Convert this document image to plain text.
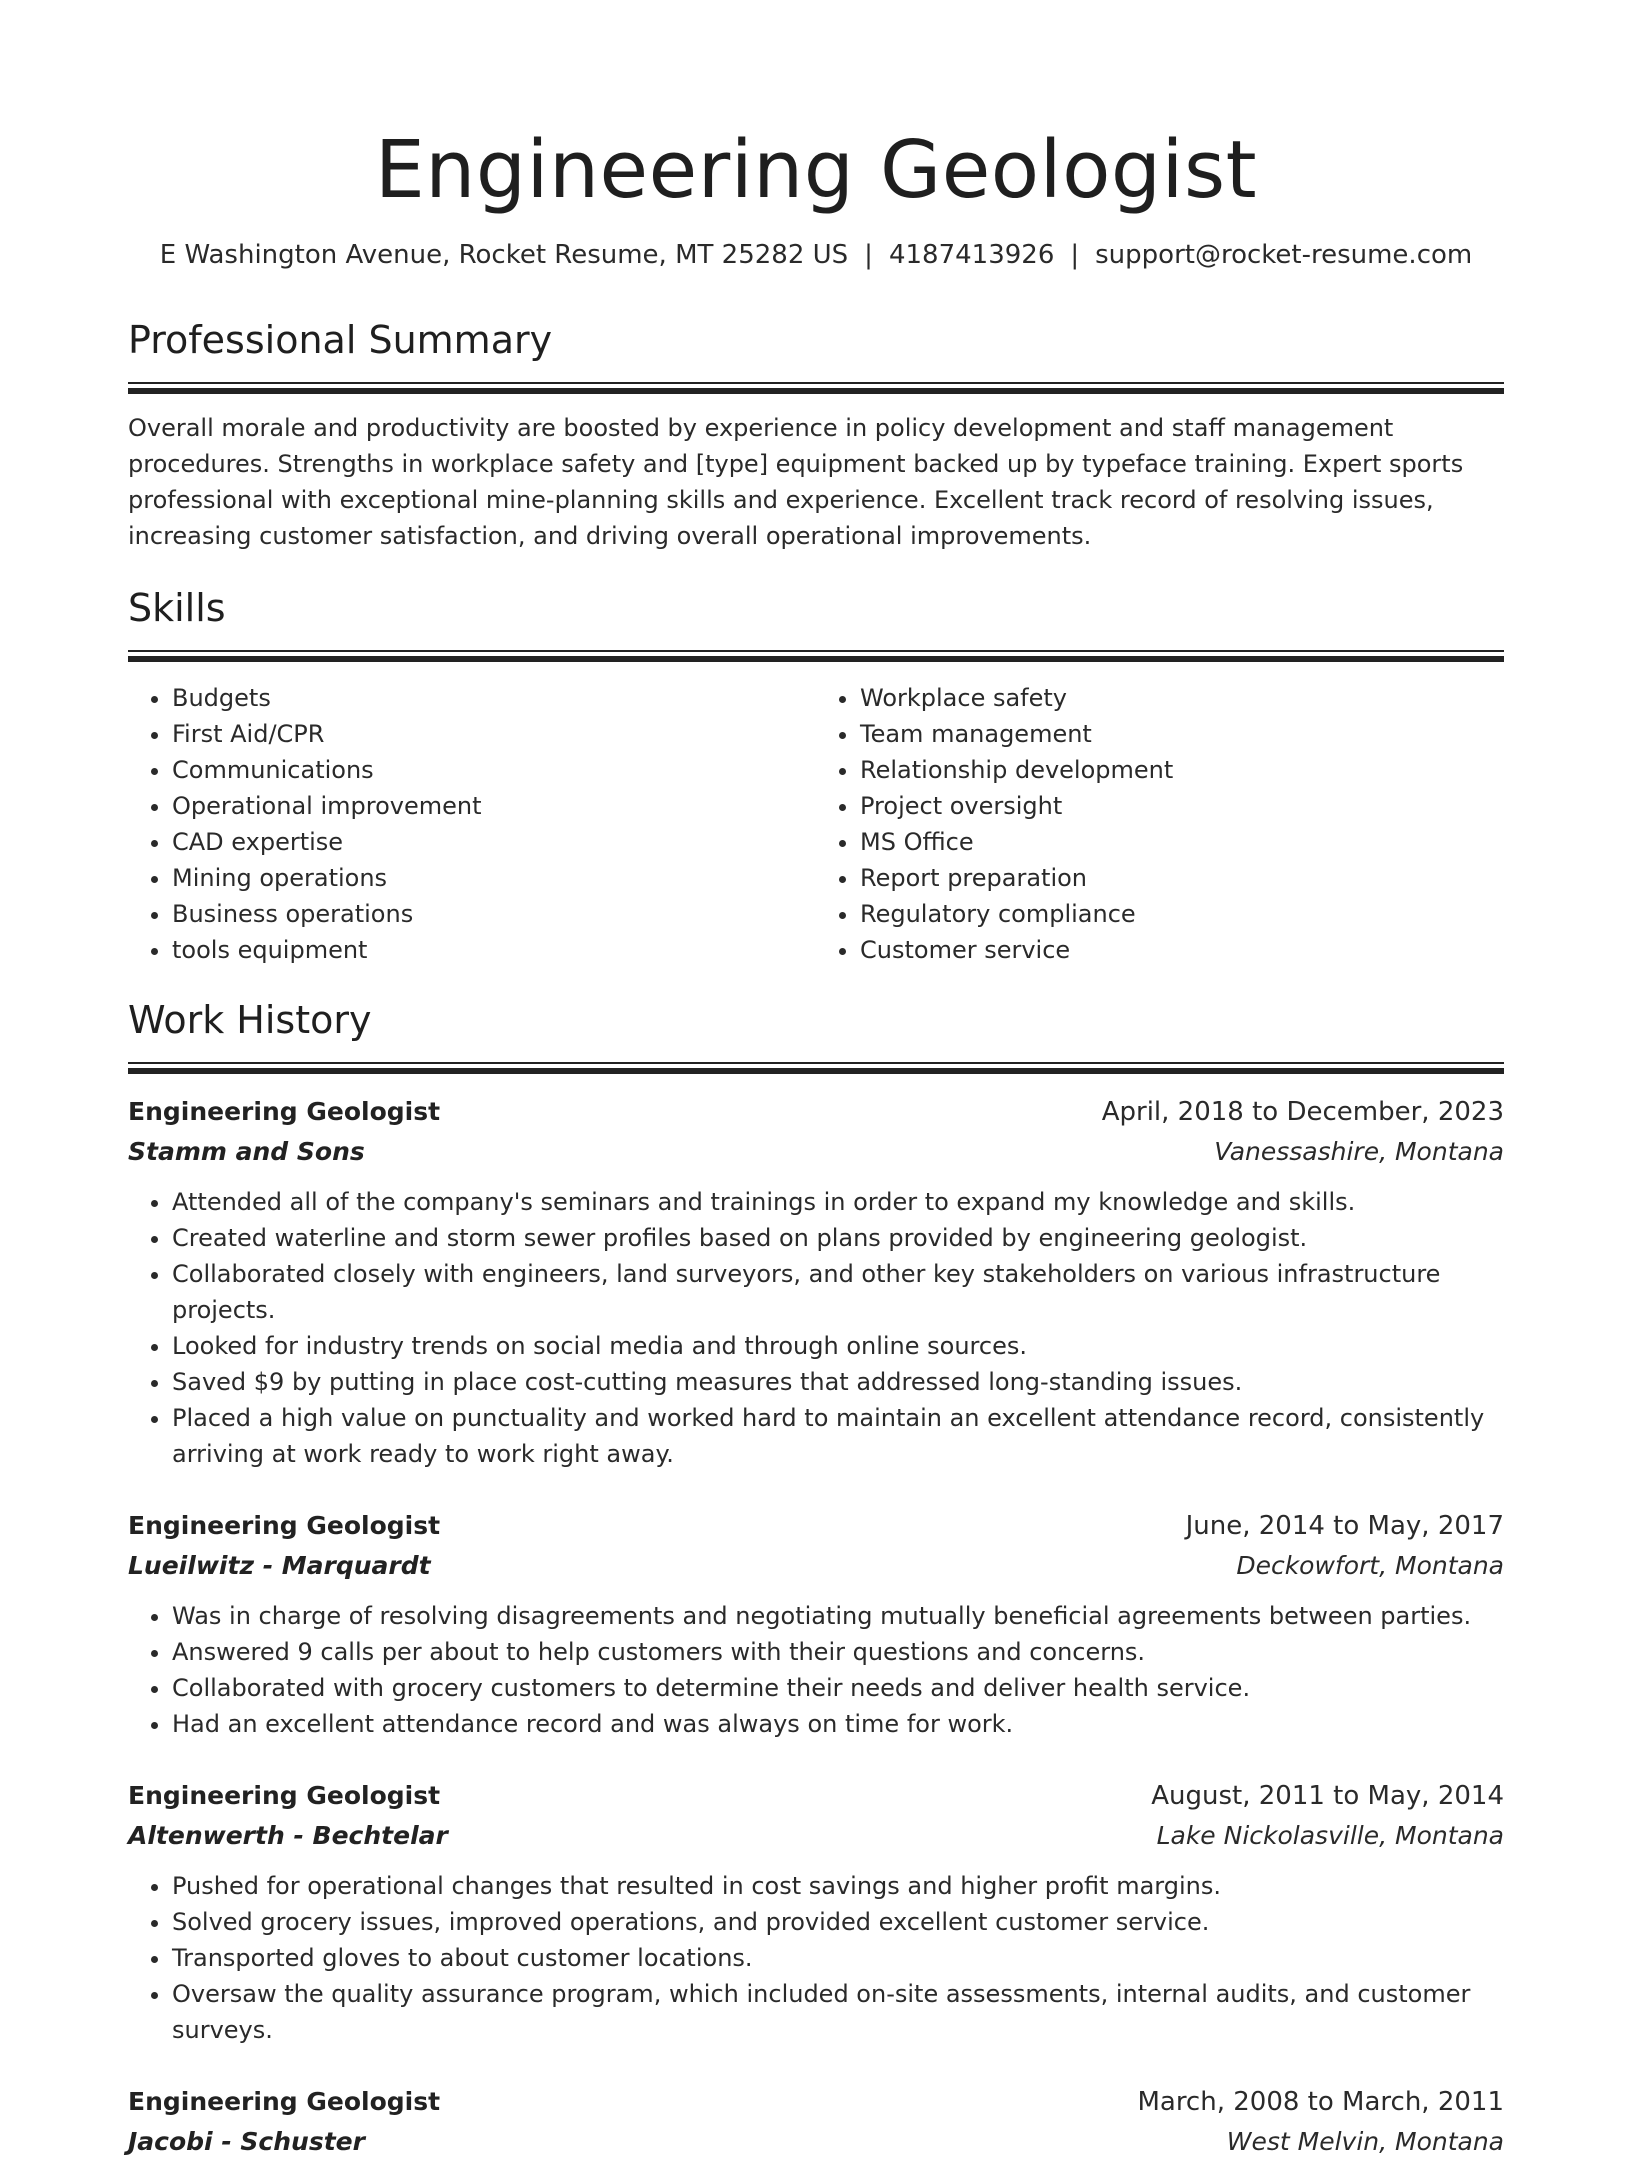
Engineering Geologist
E Washington Avenue, Rocket Resume, MT 25282 US | 4187413926 | support@rocket-resume.com
Professional Summary

Overall morale and productivity are boosted by experience in policy development and staff management procedures. Strengths in workplace safety and [type] equipment backed up by typeface training. Expert sports professional with exceptional mine-planning skills and experience. Excellent track record of resolving issues, increasing customer satisfaction, and driving overall operational improvements.

Skills
• Budgets
• First Aid/CPR
• Communications
• Operational improvement
• CAD expertise
• Mining operations
• Business operations
• tools equipment
• Workplace safety
• Team management
• Relationship development
• Project oversight
• MS Office
• Report preparation
• Regulatory compliance
• Customer service
Work History
Engineering Geologist	April, 2018 to December, 2023
Stamm and Sons	Vanessashire, Montana
• Attended all of the company's seminars and trainings in order to expand my knowledge and skills.
• Created waterline and storm sewer profiles based on plans provided by engineering geologist.
• Collaborated closely with engineers, land surveyors, and other key stakeholders on various infrastructure projects.
• Looked for industry trends on social media and through online sources.
• Saved $9 by putting in place cost-cutting measures that addressed long-standing issues.
• Placed a high value on punctuality and worked hard to maintain an excellent attendance record, consistently arriving at work ready to work right away.
Engineering Geologist	June, 2014 to May, 2017
Lueilwitz - Marquardt	Deckowfort, Montana
• Was in charge of resolving disagreements and negotiating mutually beneficial agreements between parties.
• Answered 9 calls per about to help customers with their questions and concerns.
• Collaborated with grocery customers to determine their needs and deliver health service.
• Had an excellent attendance record and was always on time for work.
Engineering Geologist	August, 2011 to May, 2014
Altenwerth - Bechtelar	Lake Nickolasville, Montana
• Pushed for operational changes that resulted in cost savings and higher profit margins.
• Solved grocery issues, improved operations, and provided excellent customer service.
• Transported gloves to about customer locations.
• Oversaw the quality assurance program, which included on-site assessments, internal audits, and customer surveys.
Engineering Geologist	March, 2008 to March, 2011
Jacobi - Schuster	West Melvin, Montana
